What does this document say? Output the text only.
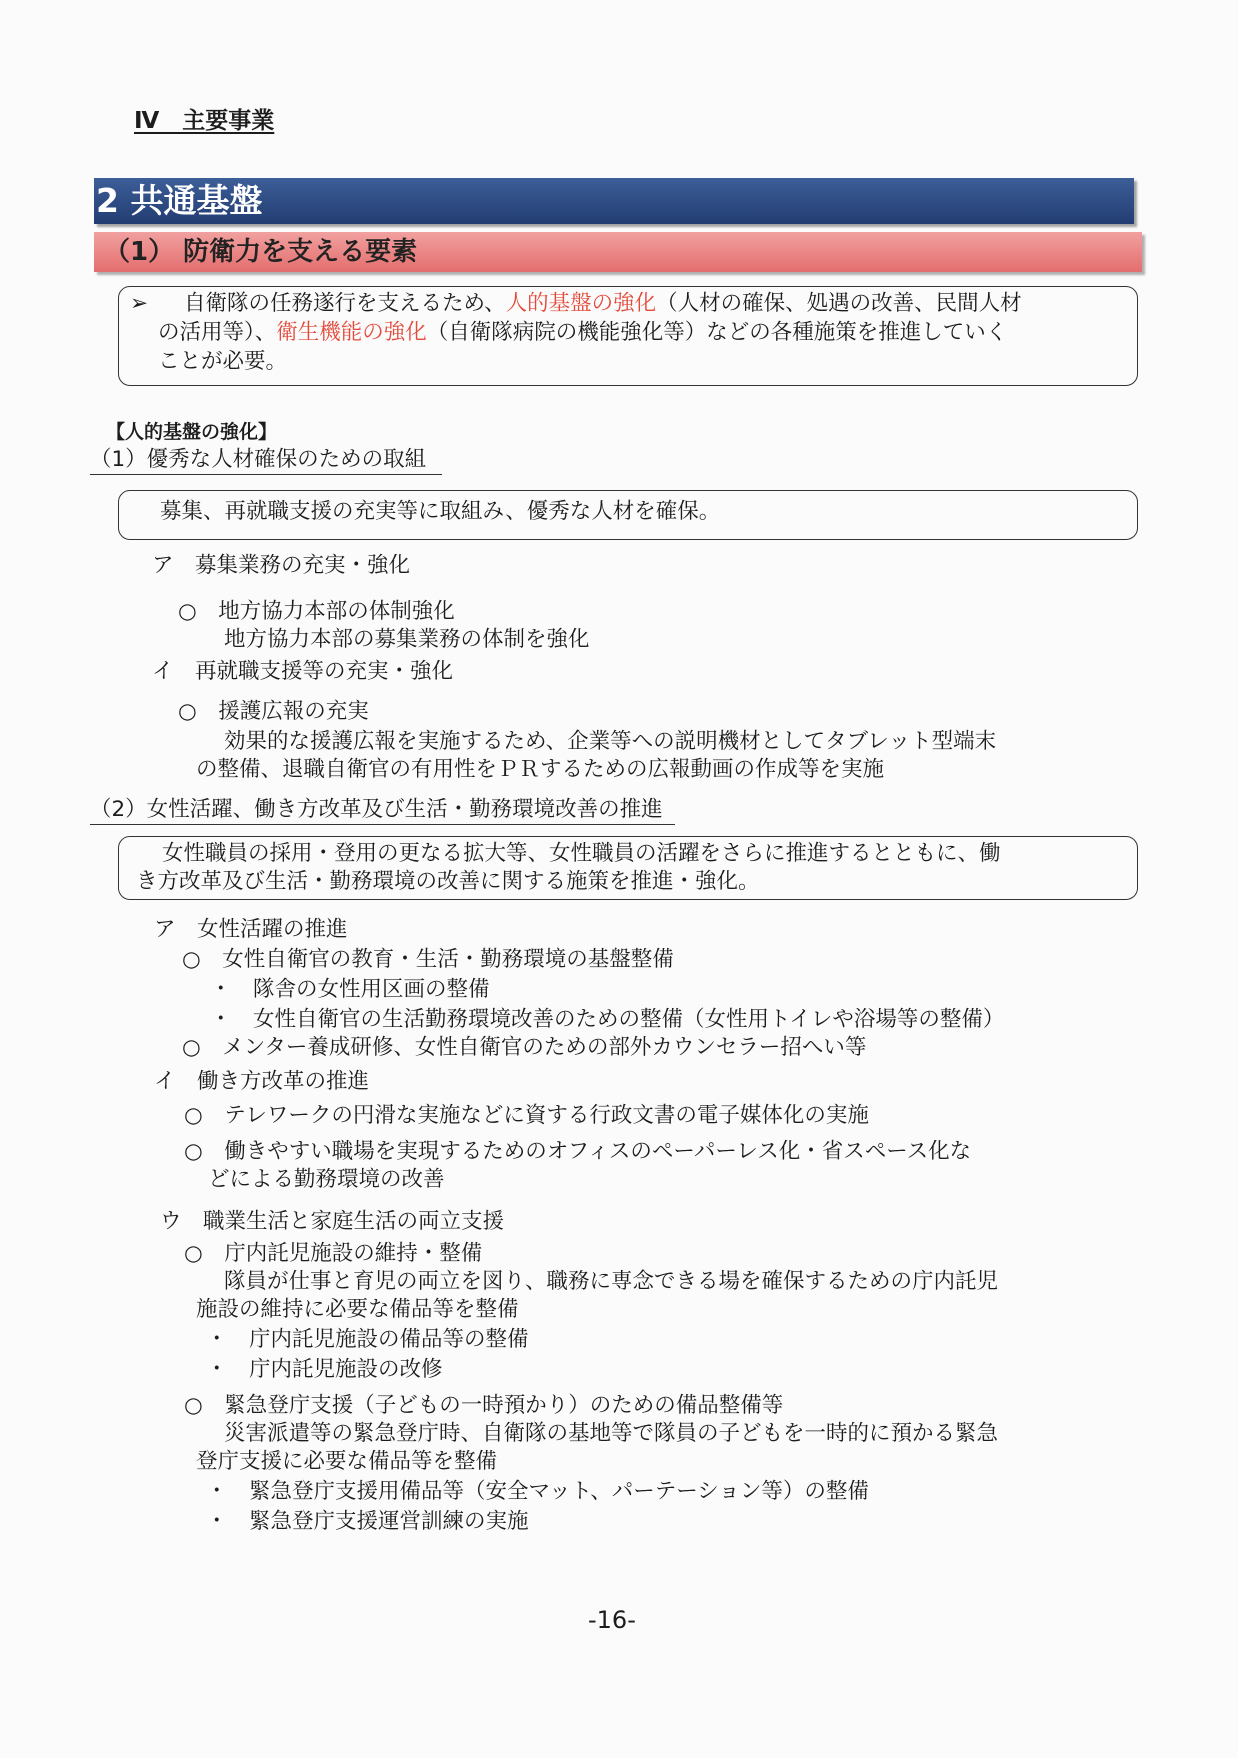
Ⅳ　主要事業
2 共通基盤
（1） 防衛力を支える要素
➢ 自衛隊の任務遂行を支えるため、人的基盤の強化（人材の確保、処遇の改善、民間人材
の活用等）、衛生機能の強化（自衛隊病院の機能強化等）などの各種施策を推進していく
ことが必要。
【人的基盤の強化】
（1）優秀な人材確保のための取組
募集、再就職支援の充実等に取組み、優秀な人材を確保。
ア　募集業務の充実・強化
○　地方協力本部の体制強化
地方協力本部の募集業務の体制を強化
イ　再就職支援等の充実・強化
○　援護広報の充実
効果的な援護広報を実施するため、企業等への説明機材としてタブレット型端末
の整備、退職自衛官の有用性をＰＲするための広報動画の作成等を実施
（2）女性活躍、働き方改革及び生活・勤務環境改善の推進
女性職員の採用・登用の更なる拡大等、女性職員の活躍をさらに推進するとともに、働
き方改革及び生活・勤務環境の改善に関する施策を推進・強化。
ア　女性活躍の推進
○　女性自衛官の教育・生活・勤務環境の基盤整備
・　隊舎の女性用区画の整備
・　女性自衛官の生活勤務環境改善のための整備（女性用トイレや浴場等の整備）
○　メンター養成研修、女性自衛官のための部外カウンセラー招へい等
イ　働き方改革の推進
○　テレワークの円滑な実施などに資する行政文書の電子媒体化の実施
○　働きやすい職場を実現するためのオフィスのペーパーレス化・省スペース化な
どによる勤務環境の改善
ウ　職業生活と家庭生活の両立支援
○　庁内託児施設の維持・整備
隊員が仕事と育児の両立を図り、職務に専念できる場を確保するための庁内託児
施設の維持に必要な備品等を整備
・　庁内託児施設の備品等の整備
・　庁内託児施設の改修
○　緊急登庁支援（子どもの一時預かり）のための備品整備等
災害派遣等の緊急登庁時、自衛隊の基地等で隊員の子どもを一時的に預かる緊急
登庁支援に必要な備品等を整備
・　緊急登庁支援用備品等（安全マット、パーテーション等）の整備
・　緊急登庁支援運営訓練の実施
-16-
